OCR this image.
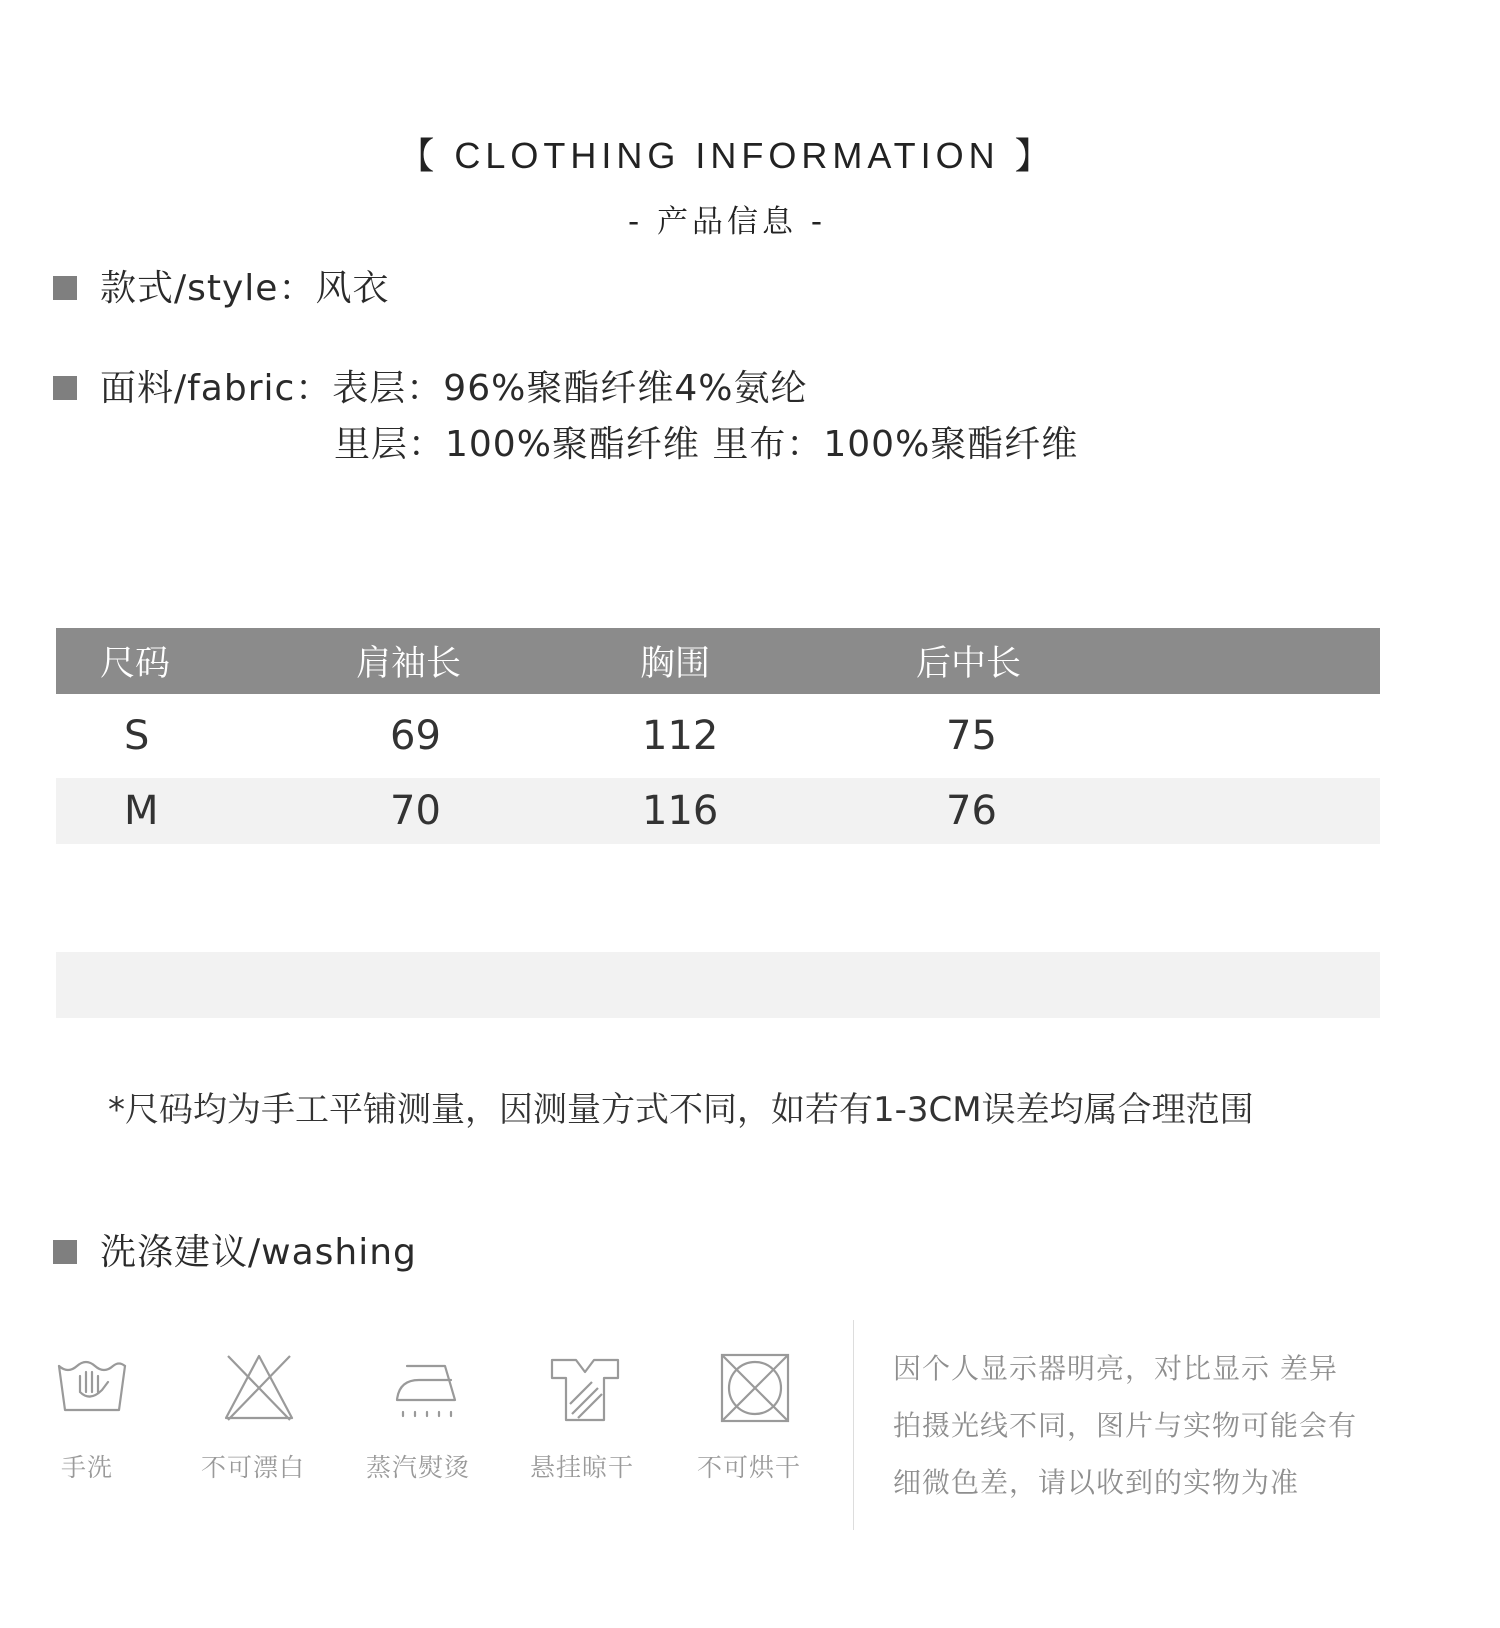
【 CLOTHING INFORMATION 】
- 产品信息 -
款式/style：风衣
面料/fabric：表层：96%聚酯纤维4%氨纶
里层：100%聚酯纤维 里布：100%聚酯纤维
尺码	肩袖长	胸围	后中长
S	69	112	75
M	70	116	76
*尺码均为手工平铺测量，因测量方式不同，如若有1-3CM误差均属合理范围
洗涤建议/washing
手洗	不可漂白 蒸汽熨烫 悬挂晾干	不可烘干
因个人显示器明亮，对比显示 差异
拍摄光线不同，图片与实物可能会有
细微色差，请以收到的实物为准
